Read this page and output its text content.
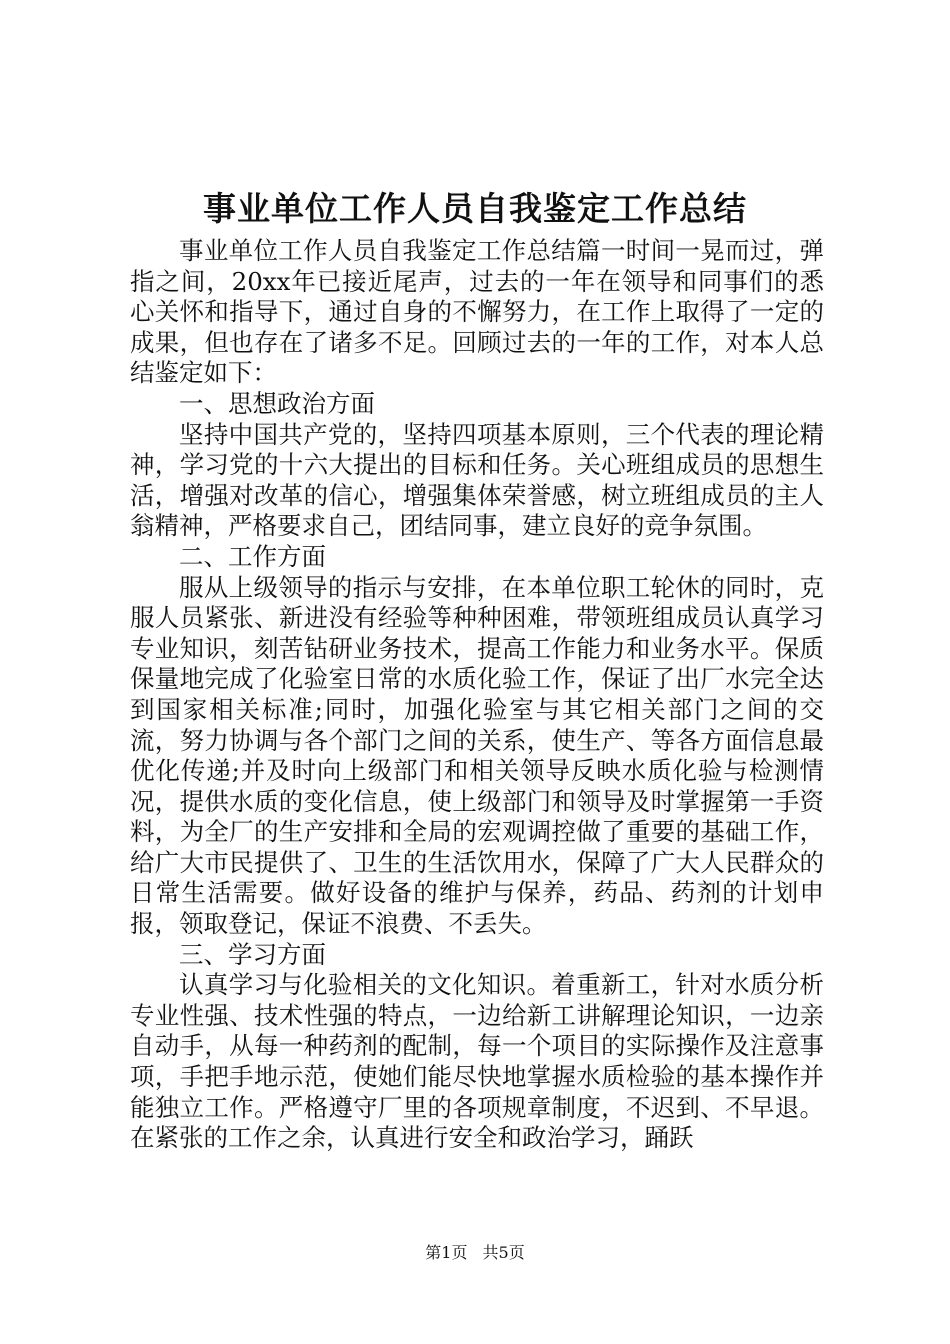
事业单位工作人员自我鉴定工作总结

事业单位工作人员自我鉴定工作总结篇一时间一晃而过，弹指之间，20xx年已接近尾声，过去的一年在领导和同事们的悉心关怀和指导下，通过自身的不懈努力，在工作上取得了一定的成果，但也存在了诸多不足。回顾过去的一年的工作，对本人总结鉴定如下：

一、思想政治方面

坚持中国共产党的，坚持四项基本原则，三个代表的理论精神，学习党的十六大提出的目标和任务。关心班组成员的思想生活，增强对改革的信心，增强集体荣誉感，树立班组成员的主人翁精神，严格要求自己，团结同事，建立良好的竞争氛围。

二、工作方面

服从上级领导的指示与安排，在本单位职工轮休的同时，克服人员紧张、新进没有经验等种种困难，带领班组成员认真学习专业知识，刻苦钻研业务技术，提高工作能力和业务水平。保质保量地完成了化验室日常的水质化验工作，保证了出厂水完全达到国家相关标准;同时，加强化验室与其它相关部门之间的交流，努力协调与各个部门之间的关系，使生产、等各方面信息最优化传递;并及时向上级部门和相关领导反映水质化验与检测情况，提供水质的变化信息，使上级部门和领导及时掌握第一手资料，为全厂的生产安排和全局的宏观调控做了重要的基础工作，给广大市民提供了、卫生的生活饮用水，保障了广大人民群众的日常生活需要。做好设备的维护与保养，药品、药剂的计划申报，领取登记，保证不浪费、不丢失。

三、学习方面

认真学习与化验相关的文化知识。着重新工，针对水质分析专业性强、技术性强的特点，一边给新工讲解理论知识，一边亲自动手，从每一种药剂的配制，每一个项目的实际操作及注意事项，手把手地示范，使她们能尽快地掌握水质检验的基本操作并能独立工作。严格遵守厂里的各项规章制度，不迟到、不早退。在紧张的工作之余，认真进行安全和政治学习，踊跃

第1页 共5页
